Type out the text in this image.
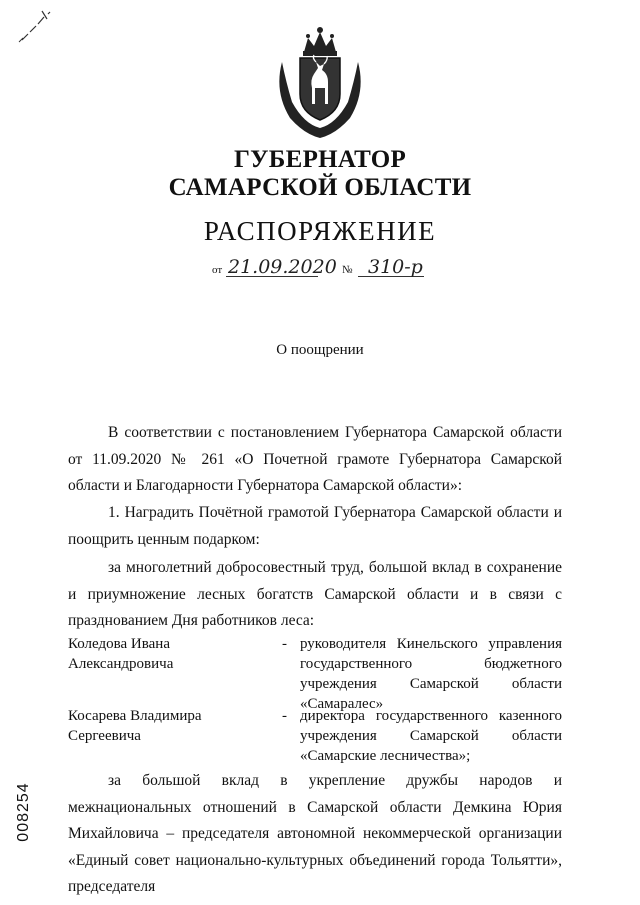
ГУБЕРНАТОР
САМАРСКОЙ ОБЛАСТИ
РАСПОРЯЖЕНИЕ
от 21.09.2020 № 310-р
О поощрении
В соответствии с постановлением Губернатора Самарской области от 11.09.2020 № 261 «О Почетной грамоте Губернатора Самарской области и Благодарности Губернатора Самарской области»:
1. Наградить Почётной грамотой Губернатора Самарской области и поощрить ценным подарком:
за многолетний добросовестный труд, большой вклад в сохранение и приумножение лесных богатств Самарской области и в связи с празднованием Дня работников леса:
Коледова Ивана Александровича
- руководителя Кинельского управления государственного бюджетного учреждения Самарской области «Самаралес»
Косарева Владимира Сергеевича
- директора государственного казенного учреждения Самарской области «Самарские лесничества»;
за большой вклад в укрепление дружбы народов и межнациональных отношений в Самарской области Демкина Юрия Михайловича – председателя автономной некоммерческой организации «Единый совет национально-культурных объединений города Тольятти», председателя
008254
